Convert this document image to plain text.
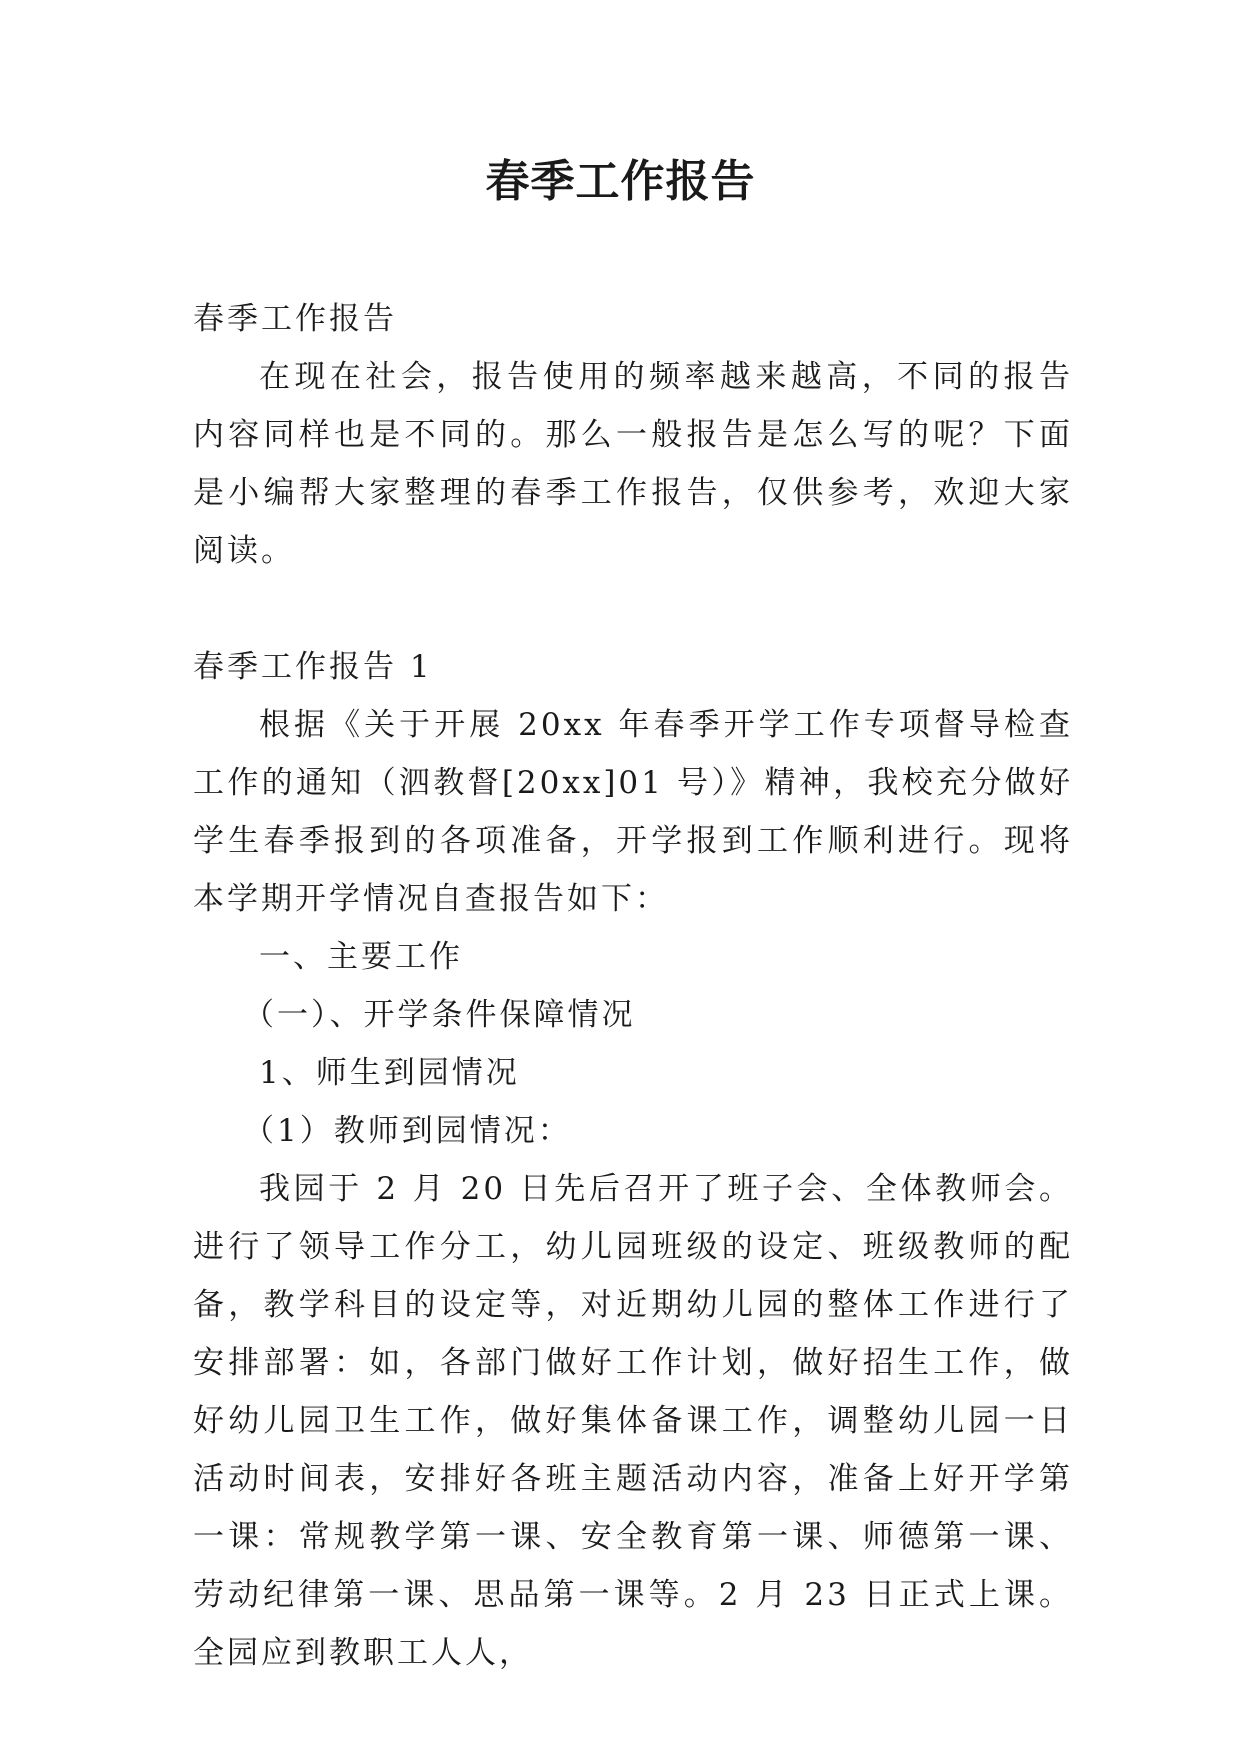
春季工作报告

春季工作报告

在现在社会，报告使用的频率越来越高，不同的报告内容同样也是不同的。那么一般报告是怎么写的呢？下面是小编帮大家整理的春季工作报告，仅供参考，欢迎大家阅读。

春季工作报告 1

根据《关于开展 20xx 年春季开学工作专项督导检查工作的通知（泗教督[20xx]01 号）》精神，我校充分做好学生春季报到的各项准备，开学报到工作顺利进行。现将本学期开学情况自查报告如下：

一、主要工作

（一）、开学条件保障情况

1、师生到园情况

（1）教师到园情况：

我园于 2 月 20 日先后召开了班子会、全体教师会。进行了领导工作分工，幼儿园班级的设定、班级教师的配备，教学科目的设定等，对近期幼儿园的整体工作进行了安排部署：如，各部门做好工作计划，做好招生工作，做好幼儿园卫生工作，做好集体备课工作，调整幼儿园一日活动时间表，安排好各班主题活动内容，准备上好开学第一课：常规教学第一课、安全教育第一课、师德第一课、劳动纪律第一课、思品第一课等。2 月 23 日正式上课。全园应到教职工人人，
